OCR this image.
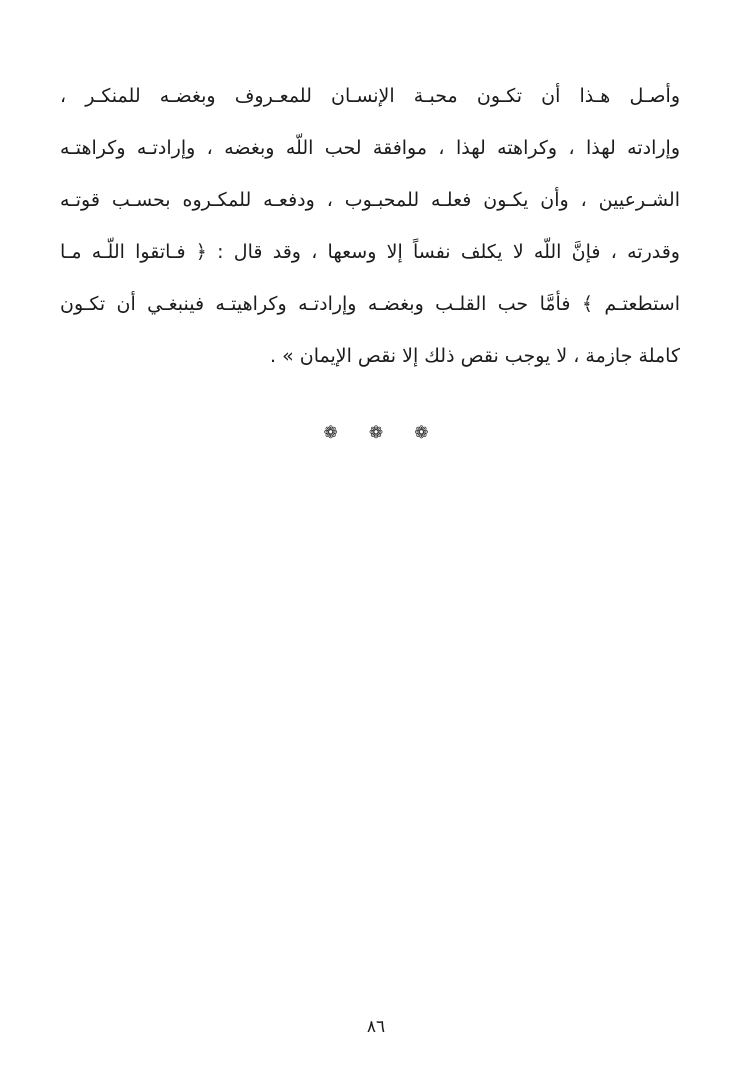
وأصـل هـذا أن تكـون محبـة الإنسـان للمعـروف وبغضـه للمنكـر ،
وإرادته لهذا ، وكراهته لهذا ، موافقة لحب اللّه وبغضه ، وإرادتـه وكراهتـه
الشـرعيين ، وأن يكـون فعلـه للمحبـوب ، ودفعـه للمكـروه بحسـب قوتـه
وقدرته ، فإنَّ اللّه لا يكلف نفساً إلا وسعها ، وقد قال : ﴿ فـاتقوا اللّـه مـا
استطعتـم ﴾ فأمَّا حب القلـب وبغضـه وإرادتـه وكراهيتـه فينبغـي أن تكـون
كاملة جازمة ، لا يوجب نقص ذلك إلا نقص الإيمان » .
❁ ❁ ❁
٨٦
